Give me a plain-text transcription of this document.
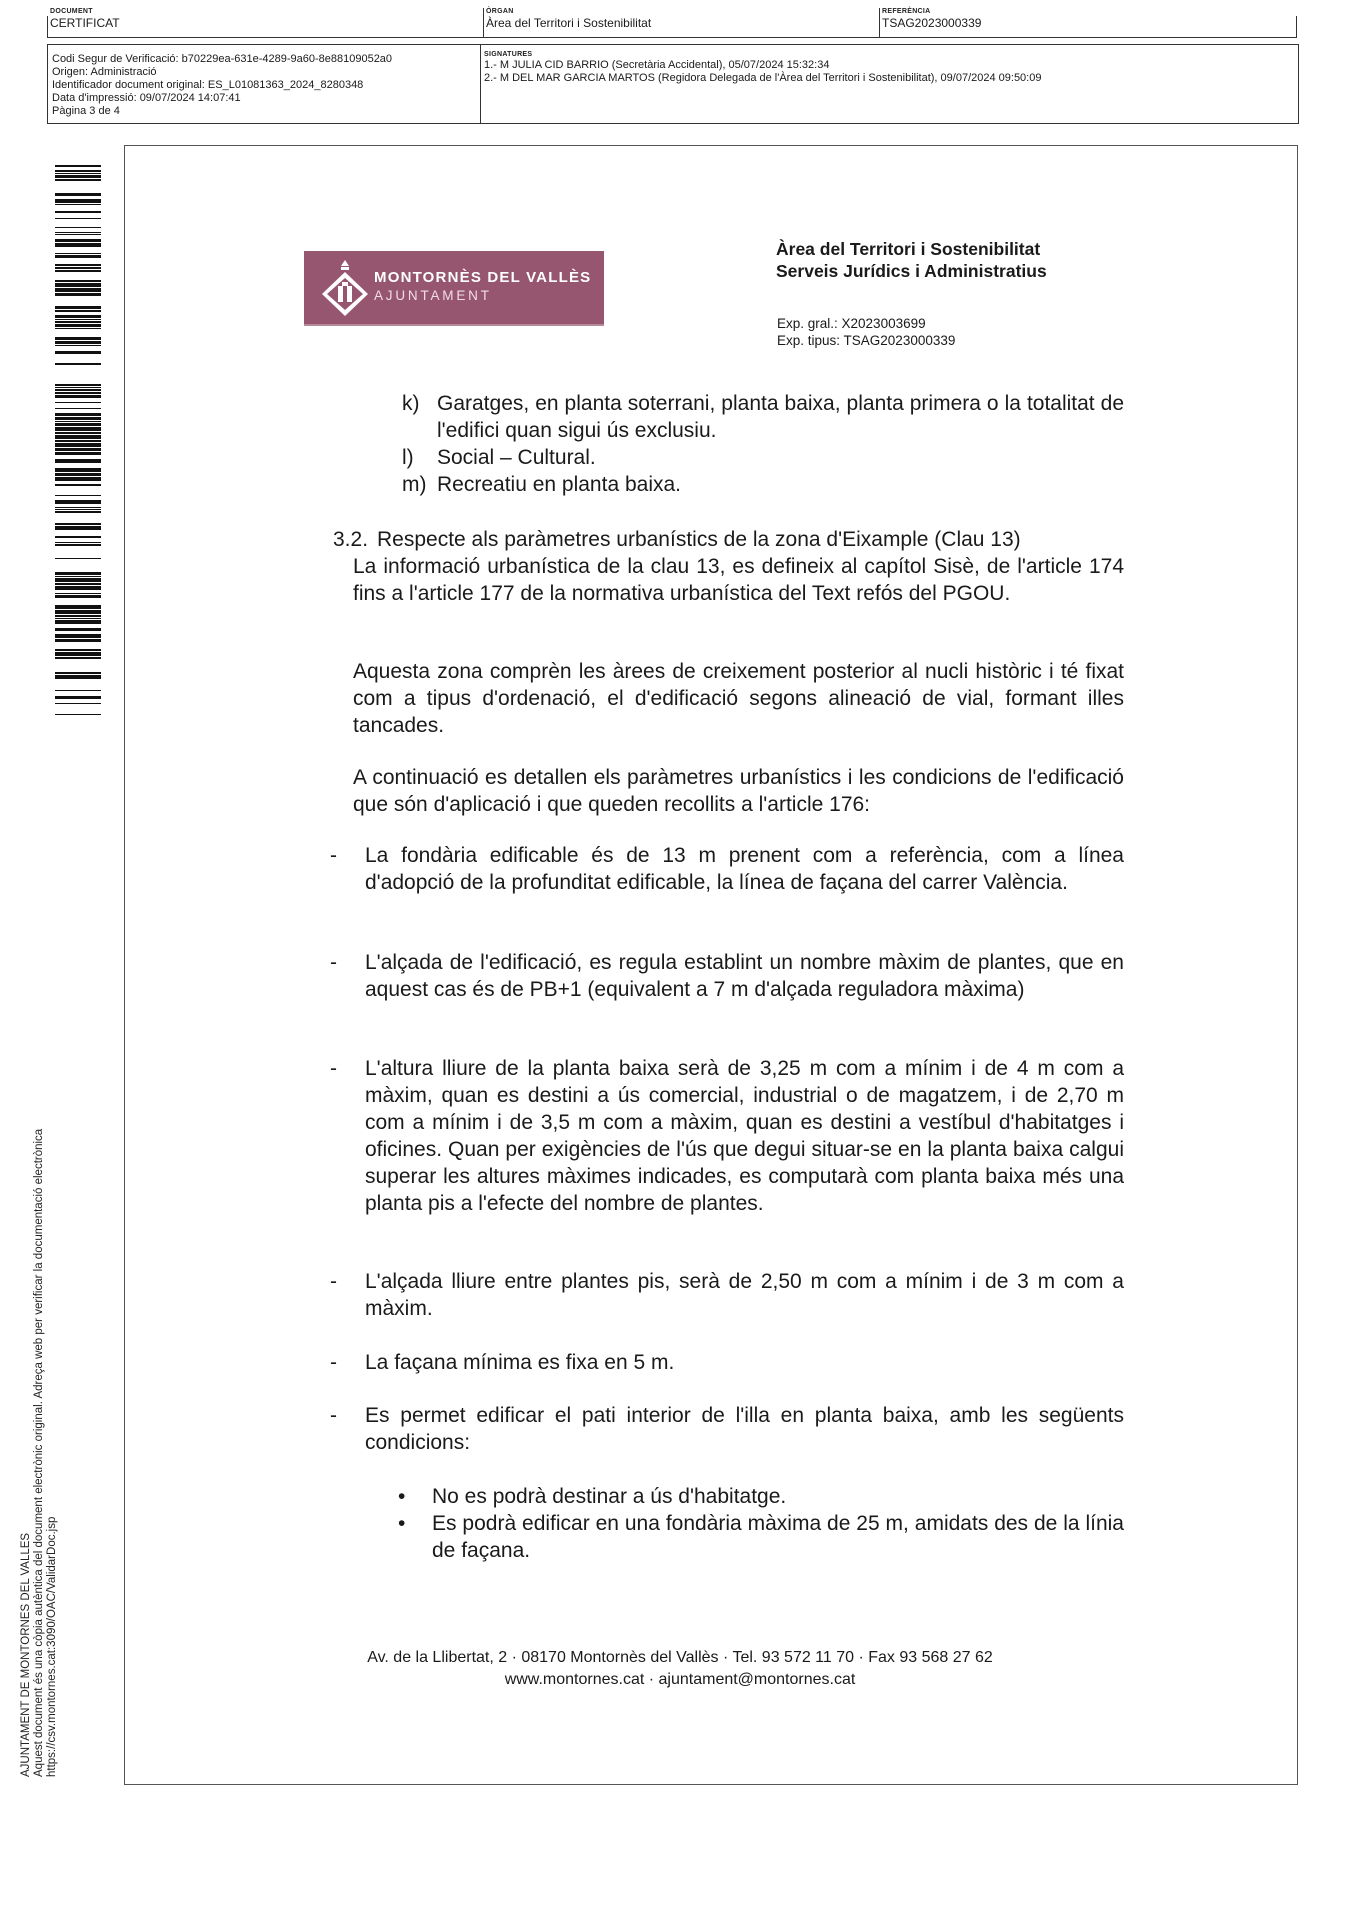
DOCUMENT
CERTIFICAT
ÒRGAN
Àrea del Territori i Sostenibilitat
REFERÈNCIA
TSAG2023000339
Codi Segur de Verificació: b70229ea-631e-4289-9a60-8e88109052a0
Origen: Administració
Identificador document original: ES_L01081363_2024_8280348
Data d'impressió: 09/07/2024 14:07:41
Pàgina 3 de 4
SIGNATURES
1.- M JULIA CID BARRIO (Secretària Accidental), 05/07/2024 15:32:34
2.- M DEL MAR GARCIA MARTOS (Regidora Delegada de l'Àrea del Territori i Sostenibilitat), 09/07/2024 09:50:09
AJUNTAMENT DE MONTORNES DEL VALLES Aquest document és una còpia autèntica del document electrònic original. Adreça web per verificar la documentació electrònica https://csv.montornes.cat:3090/OAC/ValidarDoc.jsp
MONTORNÈS DEL VALLÈS
AJUNTAMENT
Àrea del Territori i Sostenibilitat
Serveis Jurídics i Administratius
Exp. gral.: X2023003699
Exp. tipus: TSAG2023000339
k) Garatges, en planta soterrani, planta baixa, planta primera o la totalitat de l'edifici quan sigui ús exclusiu.
l) Social – Cultural.
m) Recreatiu en planta baixa.
3.2. Respecte als paràmetres urbanístics de la zona d'Eixample (Clau 13)
La informació urbanística de la clau 13, es defineix al capítol Sisè, de l'article 174 fins a l'article 177 de la normativa urbanística del Text refós del PGOU.
Aquesta zona comprèn les àrees de creixement posterior al nucli històric i té fixat com a tipus d'ordenació, el d'edificació segons alineació de vial, formant illes tancades.
A continuació es detallen els paràmetres urbanístics i les condicions de l'edificació que són d'aplicació i que queden recollits a l'article 176:
- La fondària edificable és de 13 m prenent com a referència, com a línea d'adopció de la profunditat edificable, la línea de façana del carrer València.
- L'alçada de l'edificació, es regula establint un nombre màxim de plantes, que en aquest cas és de PB+1 (equivalent a 7 m d'alçada reguladora màxima)
- L'altura lliure de la planta baixa serà de 3,25 m com a mínim i de 4 m com a màxim, quan es destini a ús comercial, industrial o de magatzem, i de 2,70 m com a mínim i de 3,5 m com a màxim, quan es destini a vestíbul d'habitatges i oficines. Quan per exigències de l'ús que degui situar-se en la planta baixa calgui superar les altures màximes indicades, es computarà com planta baixa més una planta pis a l'efecte del nombre de plantes.
- L'alçada lliure entre plantes pis, serà de 2,50 m com a mínim i de 3 m com a màxim.
- La façana mínima es fixa en 5 m.
- Es permet edificar el pati interior de l'illa en planta baixa, amb les següents condicions:
• No es podrà destinar a ús d'habitatge.
• Es podrà edificar en una fondària màxima de 25 m, amidats des de la línia de façana.
Av. de la Llibertat, 2 · 08170 Montornès del Vallès · Tel. 93 572 11 70 · Fax 93 568 27 62
www.montornes.cat · ajuntament@montornes.cat
